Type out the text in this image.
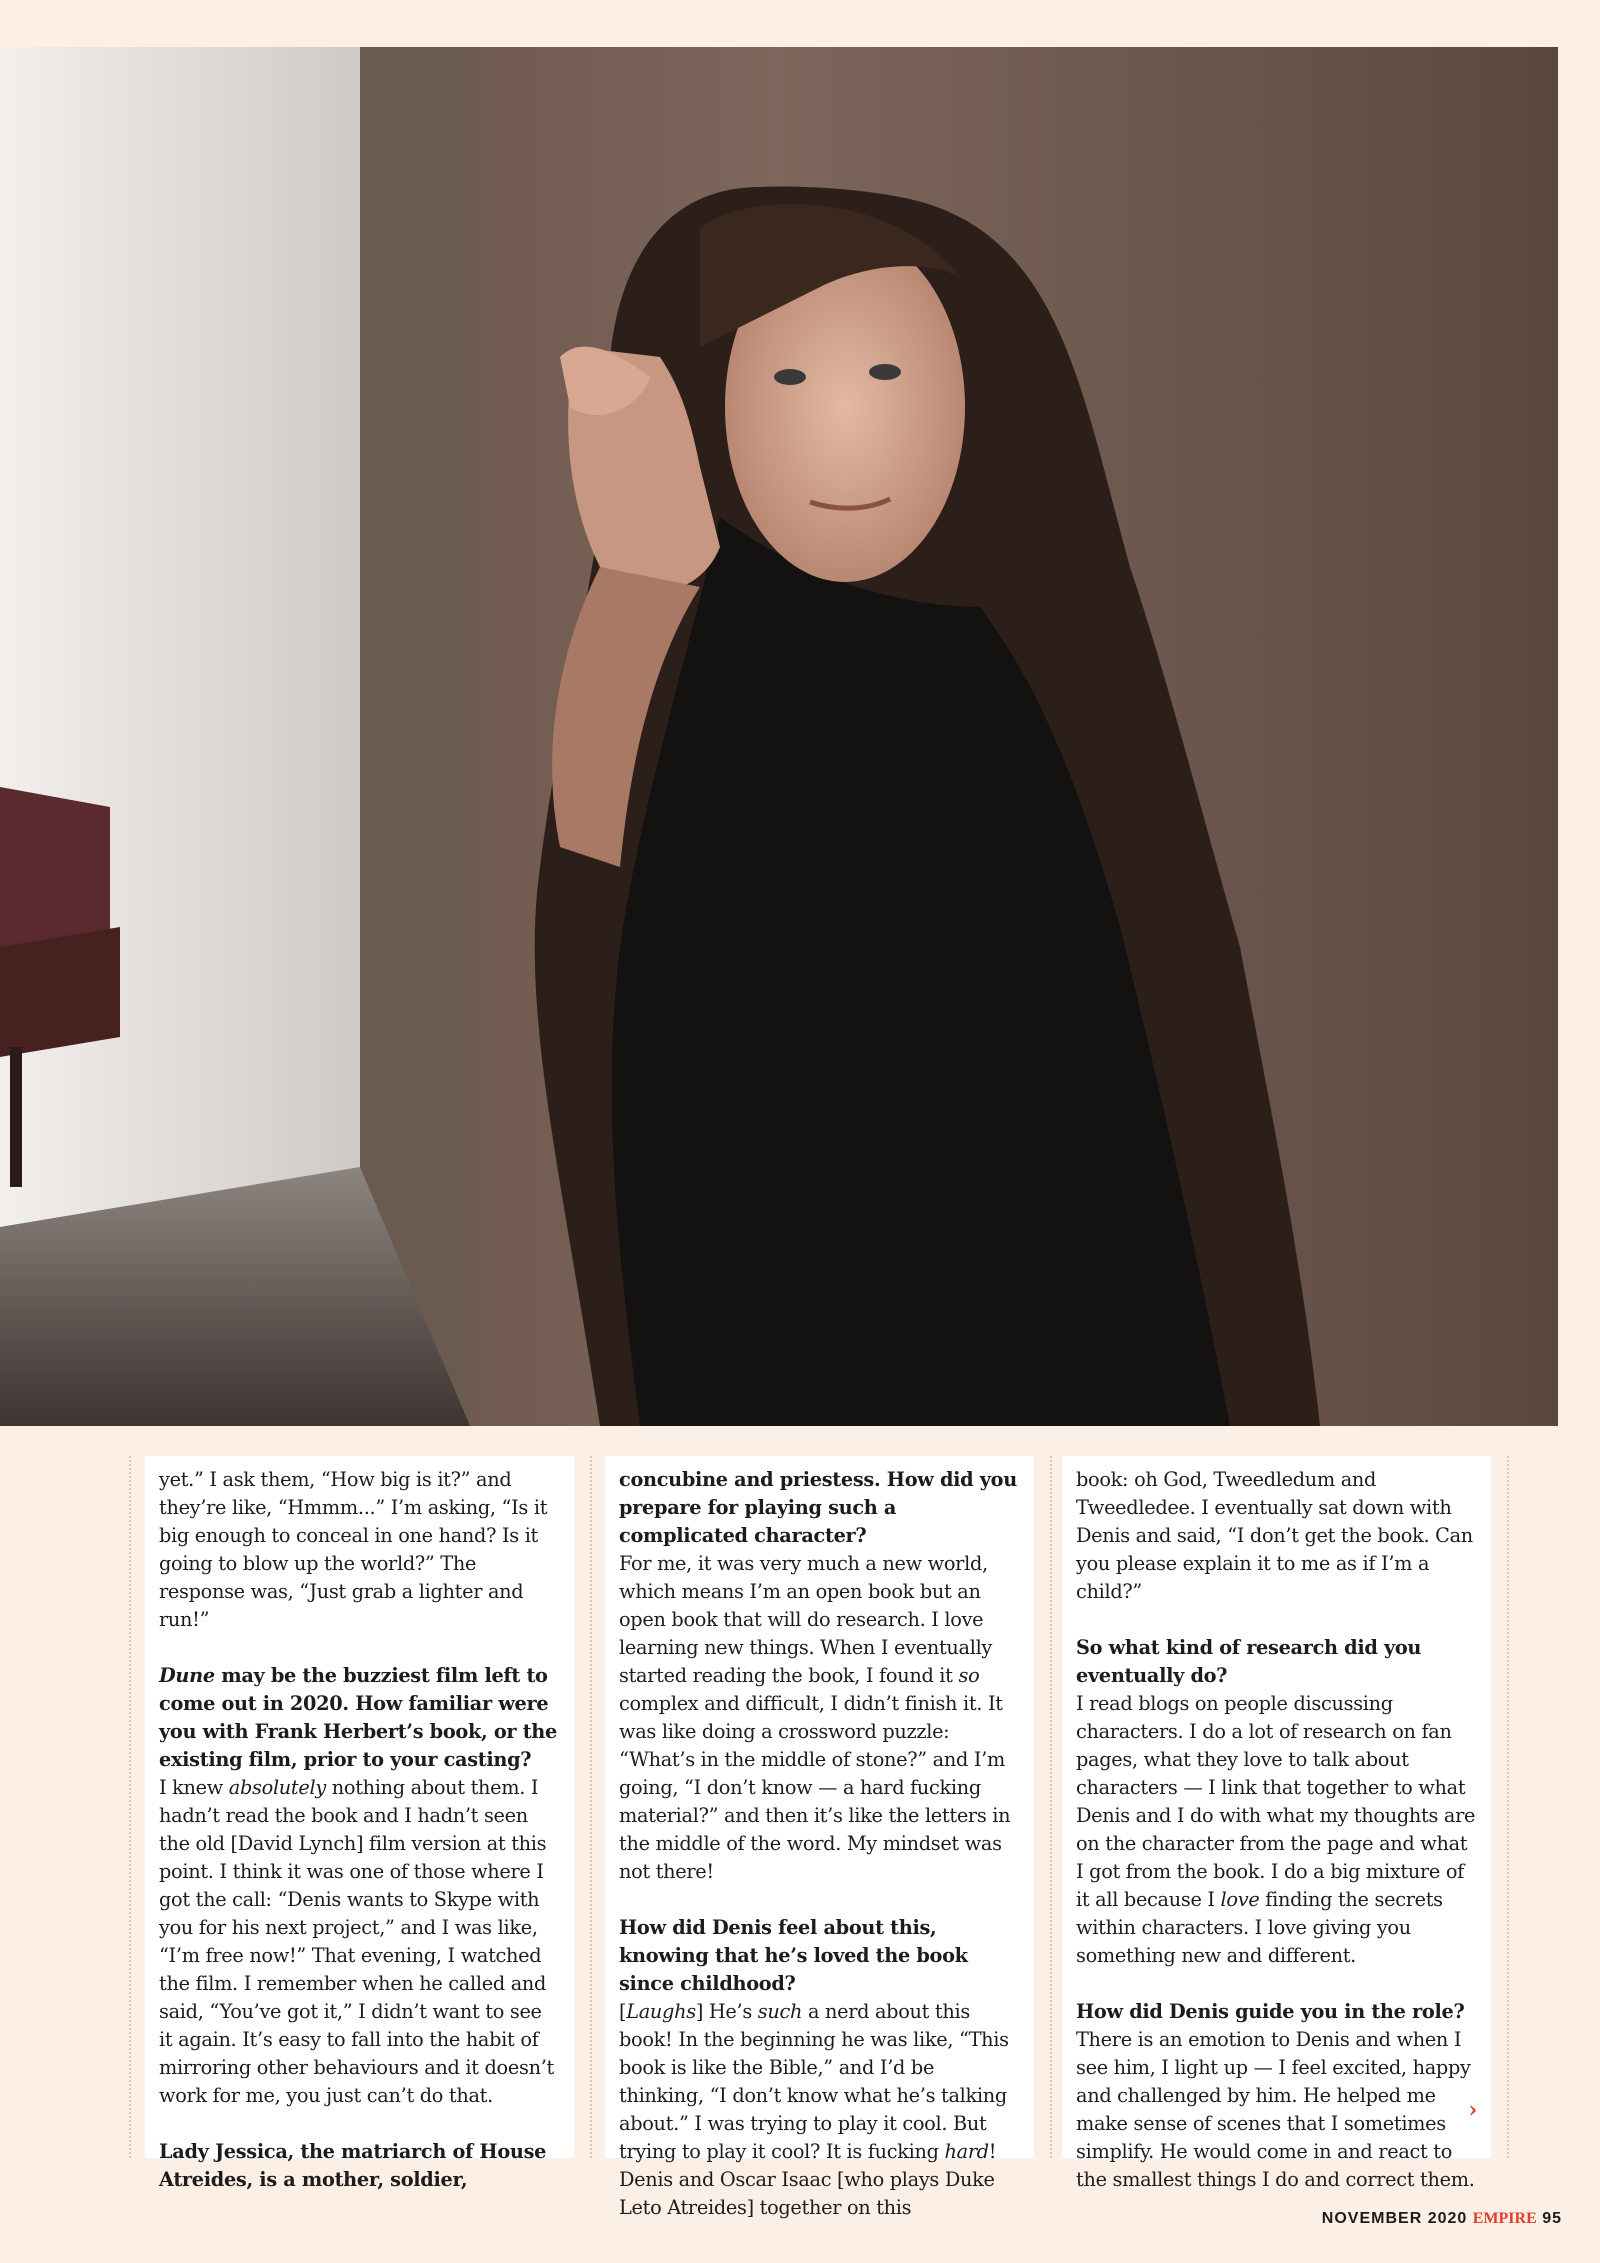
yet.” I ask them, “How big is it?” and they’re like, “Hmmm...” I’m asking, “Is it big enough to conceal in one hand? Is it going to blow up the world?” The response was, “Just grab a lighter and run!”

Dune may be the buzziest film left to come out in 2020. How familiar were you with Frank Herbert’s book, or the existing film, prior to your casting?
I knew absolutely nothing about them. I hadn’t read the book and I hadn’t seen the old [David Lynch] film version at this point. I think it was one of those where I got the call: “Denis wants to Skype with you for his next project,” and I was like, “I’m free now!” That evening, I watched the film. I remember when he called and said, “You’ve got it,” I didn’t want to see it again. It’s easy to fall into the habit of mirroring other behaviours and it doesn’t work for me, you just can’t do that.

Lady Jessica, the matriarch of House Atreides, is a mother, soldier,

concubine and priestess. How did you prepare for playing such a complicated character?
For me, it was very much a new world, which means I’m an open book but an open book that will do research. I love learning new things. When I eventually started reading the book, I found it so complex and difficult, I didn’t finish it. It was like doing a crossword puzzle: “What’s in the middle of stone?” and I’m going, “I don’t know — a hard fucking material?” and then it’s like the letters in the middle of the word. My mindset was not there!

How did Denis feel about this, knowing that he’s loved the book since childhood?
[Laughs] He’s such a nerd about this book! In the beginning he was like, “This book is like the Bible,” and I’d be thinking, “I don’t know what he’s talking about.” I was trying to play it cool. But trying to play it cool? It is fucking hard! Denis and Oscar Isaac [who plays Duke Leto Atreides] together on this

book: oh God, Tweedledum and Tweedledee. I eventually sat down with Denis and said, “I don’t get the book. Can you please explain it to me as if I’m a child?”

So what kind of research did you eventually do?
I read blogs on people discussing characters. I do a lot of research on fan pages, what they love to talk about characters — I link that together to what Denis and I do with what my thoughts are on the character from the page and what I got from the book. I do a big mixture of it all because I love finding the secrets within characters. I love giving you something new and different.

How did Denis guide you in the role?
There is an emotion to Denis and when I see him, I light up — I feel excited, happy and challenged by him. He helped me make sense of scenes that I sometimes simplify. He would come in and react to the smallest things I do and correct them.

›
NOVEMBER 2020 EMPIRE 95
